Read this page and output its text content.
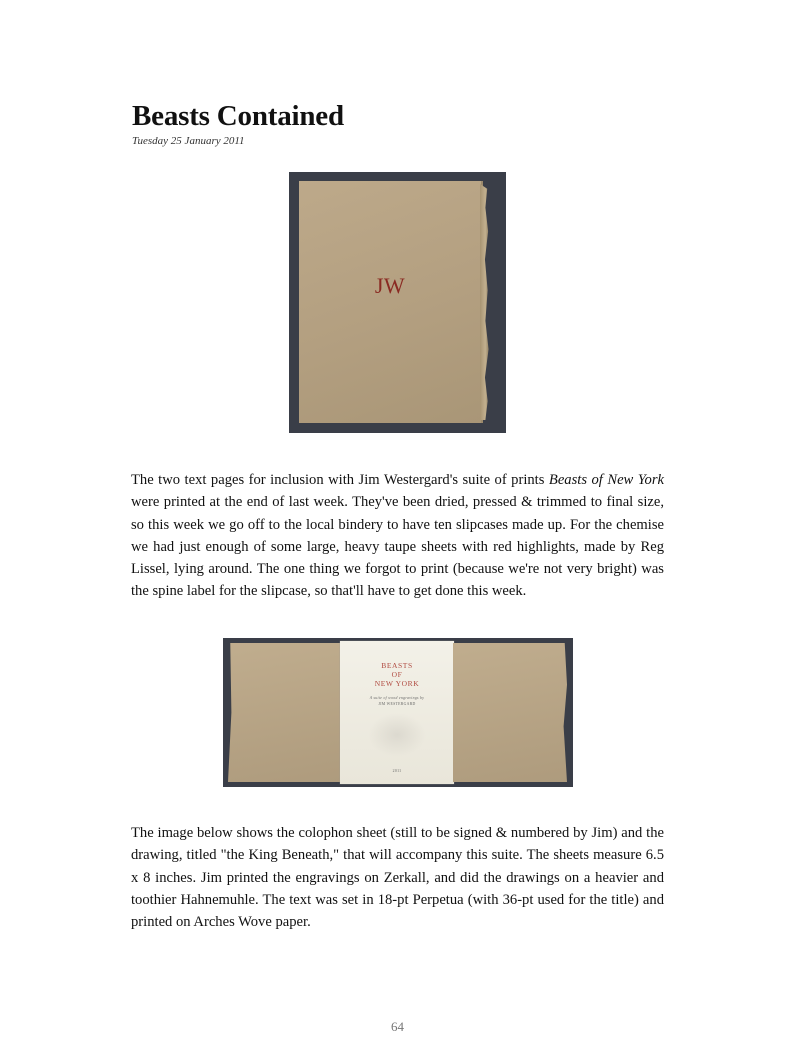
Beasts Contained
Tuesday 25 January 2011
JW

The two text pages for inclusion with Jim Westergard's suite of prints Beasts of New York were printed at the end of last week. They've been dried, pressed & trimmed to final size, so this week we go off to the local bindery to have ten slipcases made up. For the chemise we had just enough of some large, heavy taupe sheets with red highlights, made by Reg Lissel, lying around. The one thing we forgot to print (because we're not very bright) was the spine label for the slipcase, so that'll have to get done this week.

BEASTS
OF
NEW YORK
A suite of wood engravings by
JIM WESTERGARD
2011

The image below shows the colophon sheet (still to be signed & numbered by Jim) and the drawing, titled "the King Beneath," that will accompany this suite. The sheets measure 6.5 x 8 inches. Jim printed the engravings on Zerkall, and did the drawings on a heavier and toothier Hahnemuhle. The text was set in 18-pt Perpetua (with 36-pt used for the title) and printed on Arches Wove paper.

64
